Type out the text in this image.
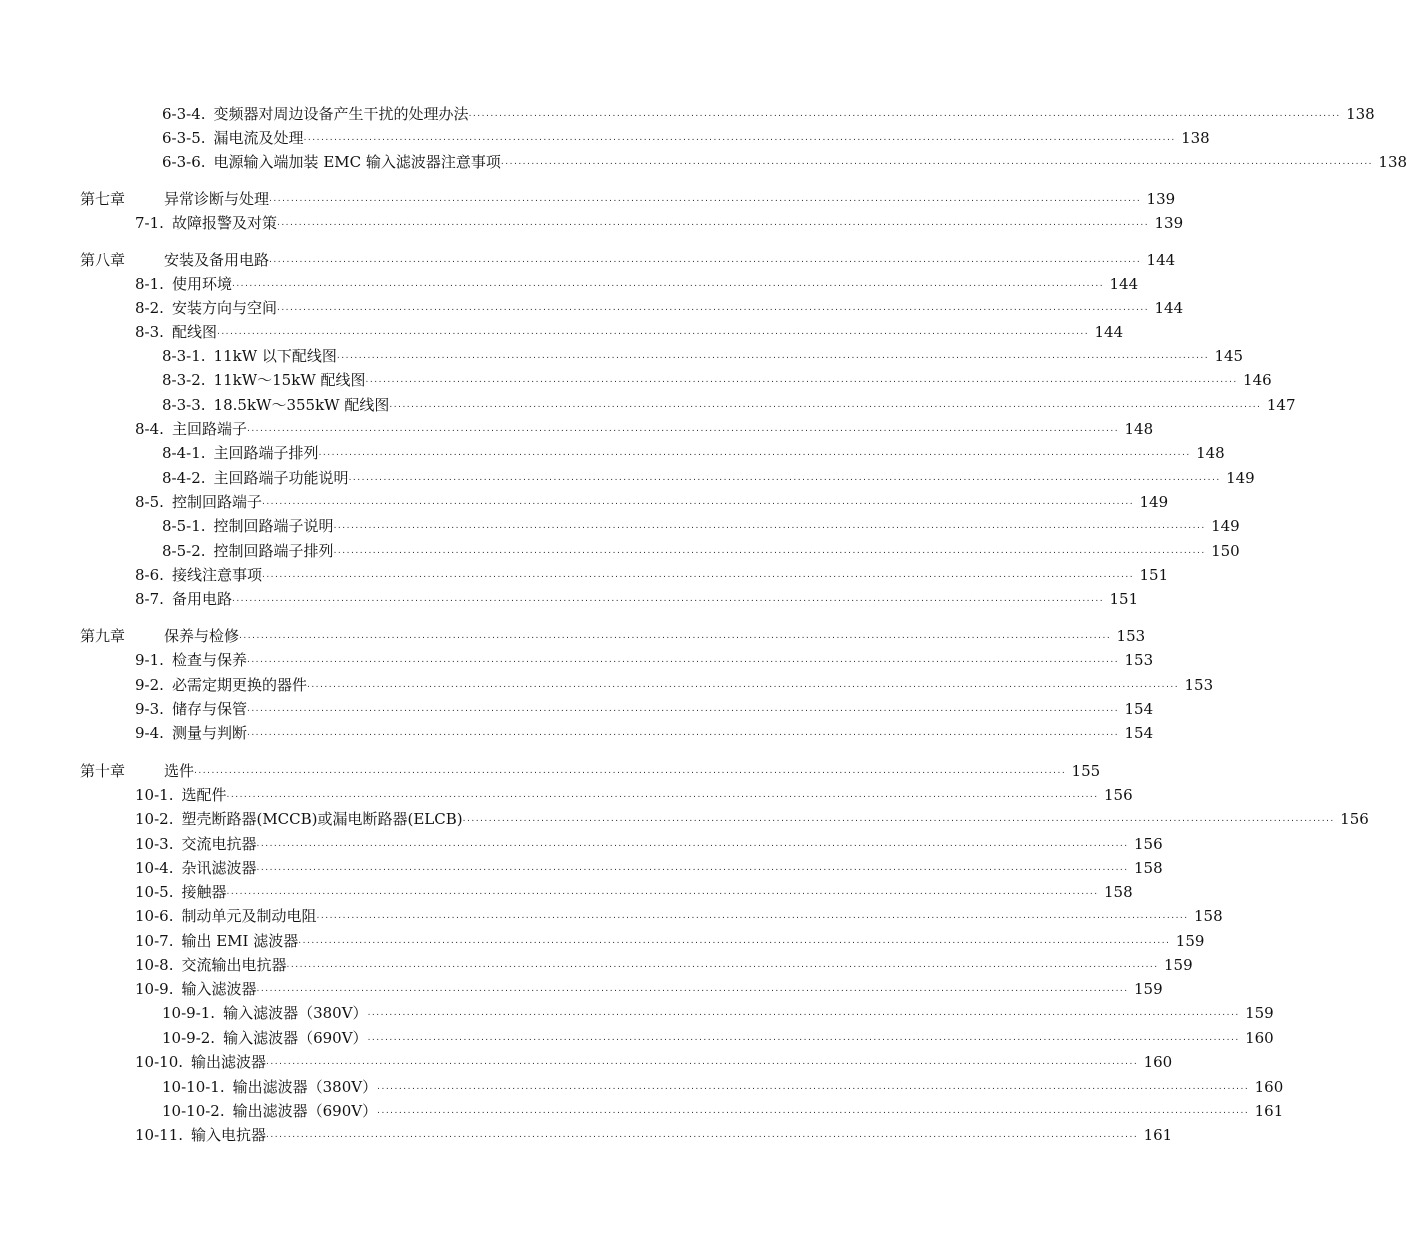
6-3-4. 变频器对周边设备产生干扰的处理办法 ........................................................................................................................................................................................................ 138
6-3-5. 漏电流及处理 ........................................................................................................................................................................................................ 138
6-3-6. 电源输入端加装 EMC 输入滤波器注意事项 ........................................................................................................................................................................................................ 138
第七章	异常诊断与处理 ........................................................................................................................................................................................................ 139
7-1. 故障报警及对策 ........................................................................................................................................................................................................ 139
第八章	安装及备用电路 ........................................................................................................................................................................................................ 144
8-1. 使用环境 ........................................................................................................................................................................................................ 144
8-2. 安装方向与空间 ........................................................................................................................................................................................................ 144
8-3. 配线图 ........................................................................................................................................................................................................ 144
8-3-1. 11kW 以下配线图 ........................................................................................................................................................................................................ 145
8-3-2. 11kW～15kW 配线图 ........................................................................................................................................................................................................ 146
8-3-3. 18.5kW～355kW 配线图 ........................................................................................................................................................................................................ 147
8-4. 主回路端子 ........................................................................................................................................................................................................ 148
8-4-1. 主回路端子排列 ........................................................................................................................................................................................................ 148
8-4-2. 主回路端子功能说明 ........................................................................................................................................................................................................ 149
8-5. 控制回路端子 ........................................................................................................................................................................................................ 149
8-5-1. 控制回路端子说明 ........................................................................................................................................................................................................ 149
8-5-2. 控制回路端子排列 ........................................................................................................................................................................................................ 150
8-6. 接线注意事项 ........................................................................................................................................................................................................ 151
8-7. 备用电路 ........................................................................................................................................................................................................ 151
第九章	保养与检修 ........................................................................................................................................................................................................ 153
9-1. 检查与保养 ........................................................................................................................................................................................................ 153
9-2. 必需定期更换的器件 ........................................................................................................................................................................................................ 153
9-3. 储存与保管 ........................................................................................................................................................................................................ 154
9-4. 测量与判断 ........................................................................................................................................................................................................ 154
第十章	选件 ........................................................................................................................................................................................................ 155
10-1. 选配件 ........................................................................................................................................................................................................ 156
10-2. 塑壳断路器(MCCB)或漏电断路器(ELCB) ........................................................................................................................................................................................................ 156
10-3. 交流电抗器 ........................................................................................................................................................................................................ 156
10-4. 杂讯滤波器 ........................................................................................................................................................................................................ 158
10-5. 接触器 ........................................................................................................................................................................................................ 158
10-6. 制动单元及制动电阻 ........................................................................................................................................................................................................ 158
10-7. 输出 EMI 滤波器 ........................................................................................................................................................................................................ 159
10-8. 交流输出电抗器 ........................................................................................................................................................................................................ 159
10-9. 输入滤波器 ........................................................................................................................................................................................................ 159
10-9-1. 输入滤波器（380V） ........................................................................................................................................................................................................ 159
10-9-2. 输入滤波器（690V） ........................................................................................................................................................................................................ 160
10-10. 输出滤波器 ........................................................................................................................................................................................................ 160
10-10-1. 输出滤波器（380V） ........................................................................................................................................................................................................ 160
10-10-2. 输出滤波器（690V） ........................................................................................................................................................................................................ 161
10-11. 输入电抗器 ........................................................................................................................................................................................................ 161
